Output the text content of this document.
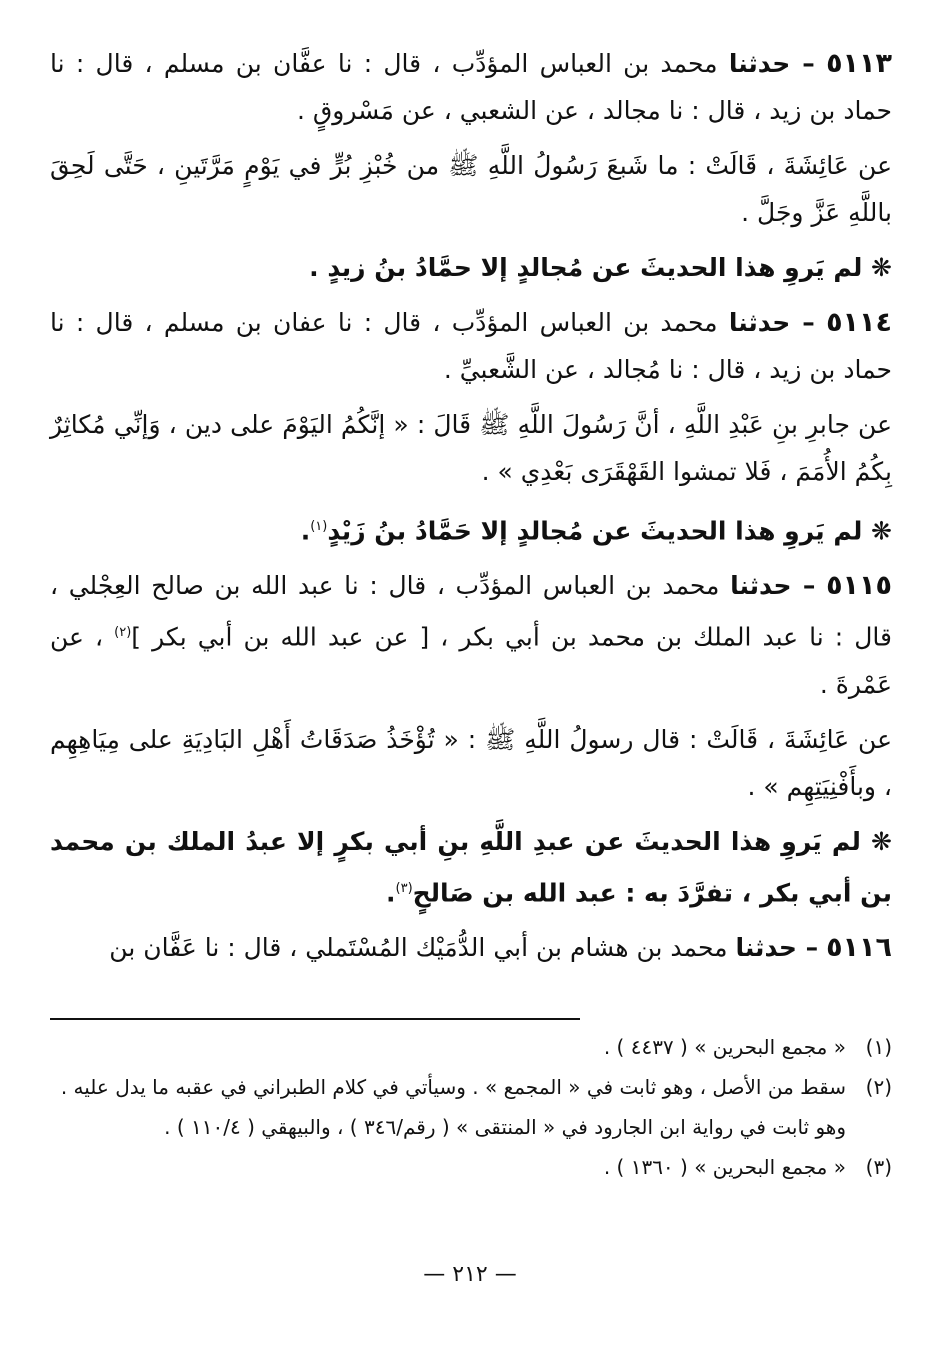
٥١١٣ – حدثنا محمد بن العباس المؤدِّب ، قال : نا عفَّان بن مسلم ، قال : نا حماد بن زيد ، قال : نا مجالد ، عن الشعبي ، عن مَسْروقٍ .

عن عَائِشَةَ ، قَالَتْ : ما شَبعَ رَسُولُ اللَّهِ ﷺ من خُبْزِ بُرٍّ في يَوْمٍ مَرَّتَينِ ، حَتَّى لَحِقَ باللَّهِ عَزَّ وجَلَّ .

❋ لم يَروِ هذا الحديثَ عن مُجالدٍ إلا حمَّادُ بنُ زيدٍ .

٥١١٤ – حدثنا محمد بن العباس المؤدِّب ، قال : نا عفان بن مسلم ، قال : نا حماد بن زيد ، قال : نا مُجالد ، عن الشَّعبيِّ .

عن جابرِ بنِ عَبْدِ اللَّهِ ، أنَّ رَسُولَ اللَّهِ ﷺ قَالَ : « إنَّكُمُ اليَوْمَ على دين ، وَإنِّي مُكاثِرٌ بِكُمُ الأُمَمَ ، فَلا تمشوا القَهْقَرَى بَعْدِي » .

❋ لم يَروِ هذا الحديثَ عن مُجالدٍ إلا حَمَّادُ بنُ زَيْدٍ$^{(١)}$.

٥١١٥ – حدثنا محمد بن العباس المؤدِّب ، قال : نا عبد الله بن صالح العِجْلي ، قال : نا عبد الملك بن محمد بن أبي بكر ، [ عن عبد الله بن أبي بكر ]$^{(٢)}$ ، عن عَمْرةَ .

عن عَائِشَةَ ، قَالَتْ : قال رسولُ اللَّهِ ﷺ : « تُؤْخَذُ صَدَقَاتُ أَهْلِ البَادِيَةِ على مِيَاهِهِم ، وبأَفْنِيَتِهِم » .

❋ لم يَروِ هذا الحديثَ عن عبدِ اللَّهِ بنِ أبي بكرٍ إلا عبدُ الملك بن محمد بن أبي بكر ، تفرَّدَ به : عبد الله بن صَالحٍ$^{(٣)}$.

٥١١٦ – حدثنا محمد بن هشام بن أبي الدُّمَيْك المُسْتَملي ، قال : نا عَفَّان بن

(١)
« مجمع البحرين » ( ٤٤٣٧ ) .
(٢)
سقط من الأصل ، وهو ثابت في « المجمع » . وسيأتي في كلام الطبراني في عقبه ما يدل عليه .
وهو ثابت في رواية ابن الجارود في « المنتقى » ( رقم/٣٤٦ ) ، والبيهقي ( ١١٠/٤ ) .
(٣)
« مجمع البحرين » ( ١٣٦٠ ) .
— ٢١٢ —
